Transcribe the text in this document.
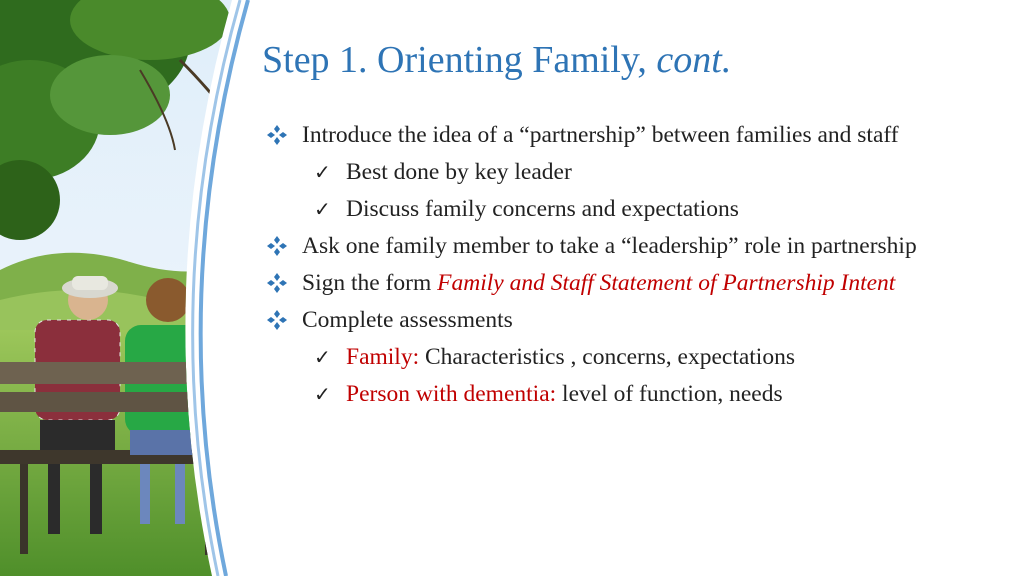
Step 1. Orienting Family, cont.
Introduce the idea of a “partnership” between families and staff
✓ Best done by key leader
✓ Discuss family concerns and expectations
Ask one family member to take a “leadership” role in partnership
Sign the form Family and Staff Statement of Partnership Intent
Complete assessments
✓ Family: Characteristics , concerns, expectations
✓ Person with dementia: level of function, needs
